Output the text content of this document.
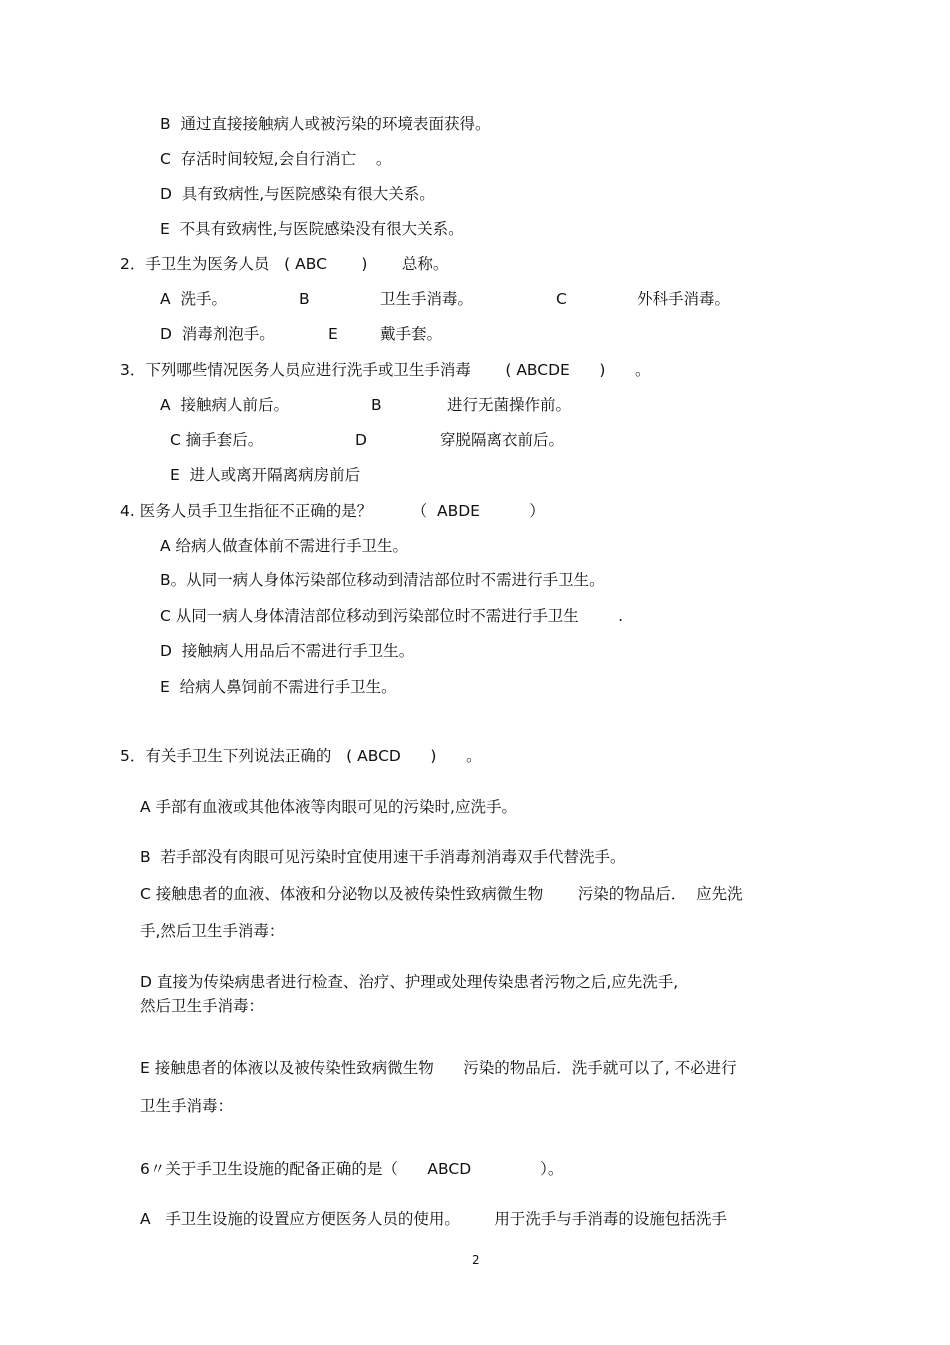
B  通过直接接触病人或被污染的环境表面获得。
C  存活时间较短,会自行消亡    。
D  具有致病性,与医院感染有很大关系。
E  不具有致病性,与医院感染没有很大关系。
2．手卫生为医务人员   ( ABC       )       总称。
A  洗手。	B	卫生手消毒。	C	外科手消毒。
D  消毒剂泡手。	E	戴手套。
3．下列哪些情况医务人员应进行洗手或卫生手消毒       ( ABCDE      )      。
A  接触病人前后。	B	进行无菌操作前。
C 摘手套后。	D	穿脱隔离衣前后。
E  进人或离开隔离病房前后
4. 医务人员手卫生指征不正确的是？        （  ABDE          ）
A 给病人做查体前不需进行手卫生。
B。从同一病人身体污染部位移动到清洁部位时不需进行手卫生。
C 从同一病人身体清洁部位移动到污染部位时不需进行手卫生        .
D  接触病人用品后不需进行手卫生。
E  给病人鼻饲前不需进行手卫生。
5．有关手卫生下列说法正确的   ( ABCD      )      。
A 手部有血液或其他体液等肉眼可见的污染时,应洗手。
B  若手部没有肉眼可见污染时宜使用速干手消毒剂消毒双手代替洗手。
C 接触患者的血液、体液和分泌物以及被传染性致病微生物       污染的物品后．  应先洗
手,然后卫生手消毒：
D 直接为传染病患者进行检查、治疗、护理或处理传染患者污物之后,应先洗手,
然后卫生手消毒：
E 接触患者的体液以及被传染性致病微生物      污染的物品后．洗手就可以了, 不必进行
卫生手消毒：
6〃关于手卫生设施的配备正确的是（      ABCD              ）。
A   手卫生设施的设置应方便医务人员的使用。       用于洗手与手消毒的设施包括洗手
2
